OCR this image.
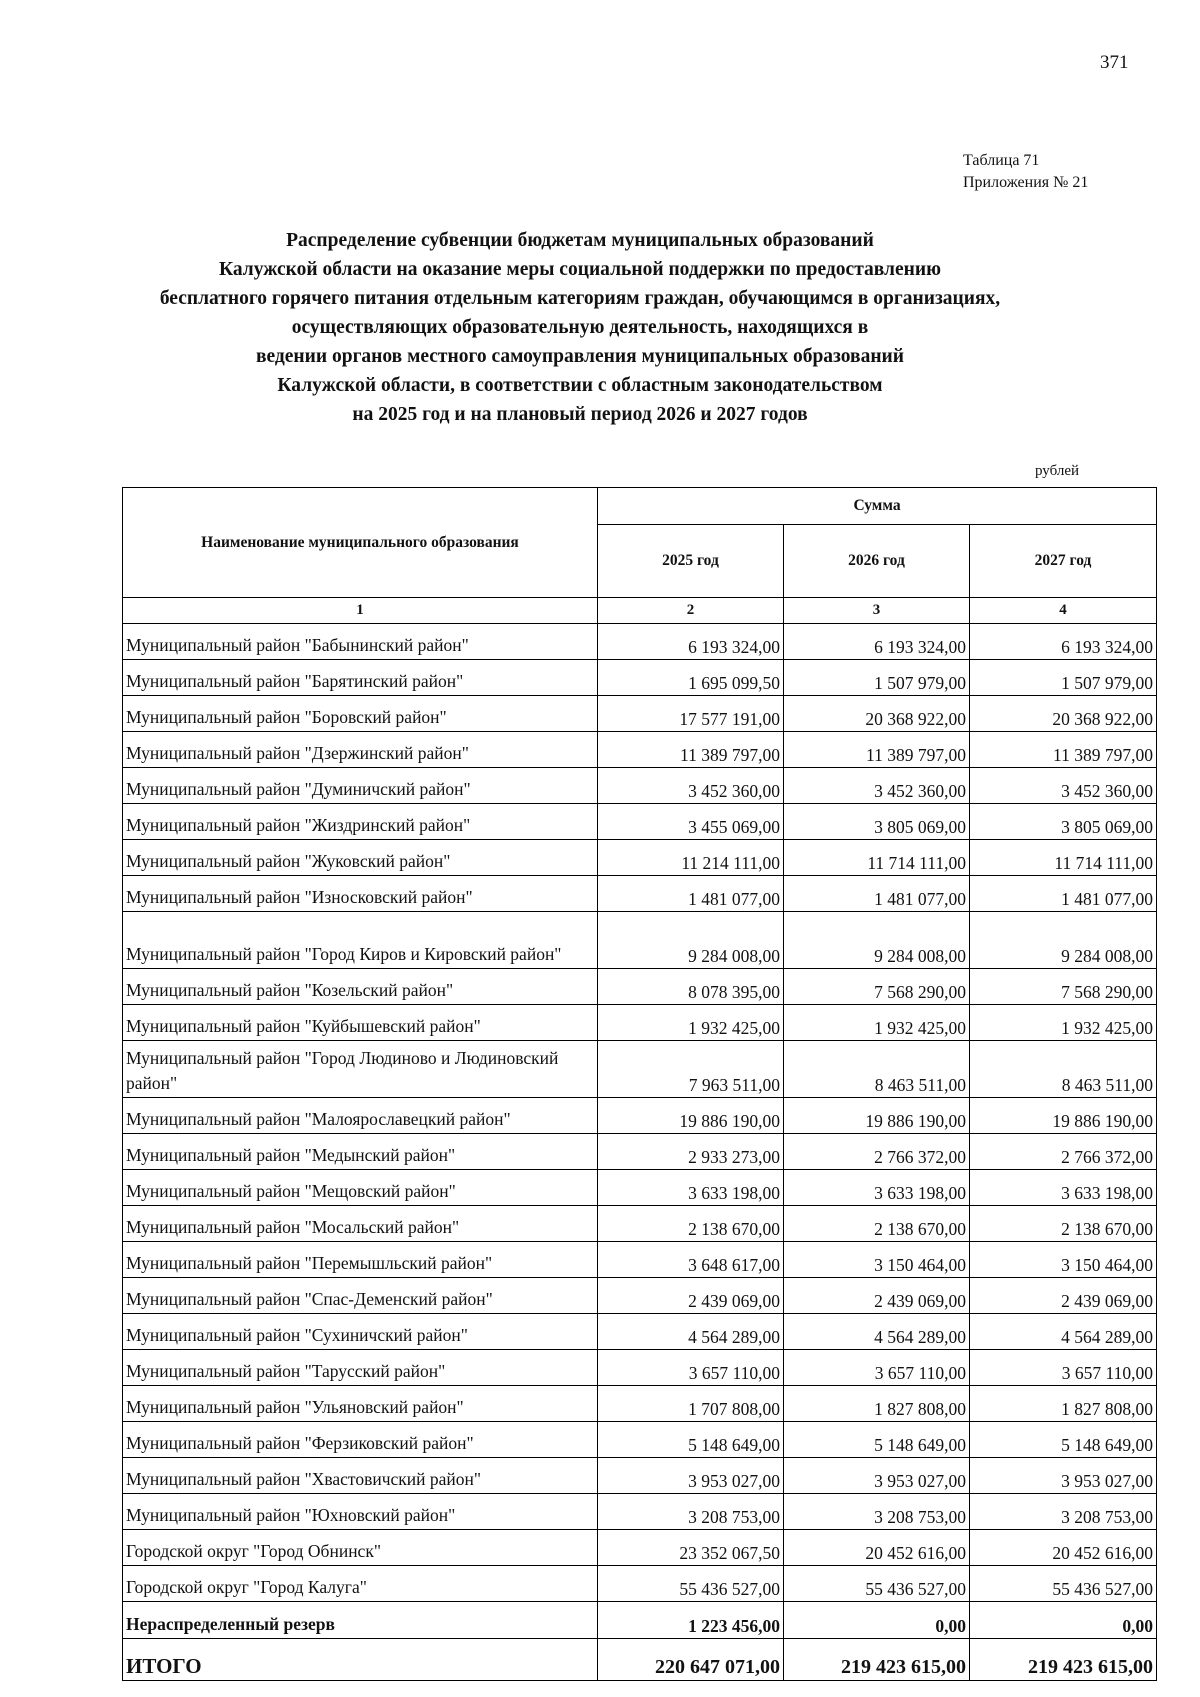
371
Таблица 71
Приложения № 21
Распределение субвенции бюджетам муниципальных образований
Калужской области на оказание меры социальной поддержки по предоставлению
бесплатного горячего питания отдельным категориям граждан, обучающимся в организациях,
осуществляющих образовательную деятельность, находящихся в
ведении органов местного самоуправления муниципальных образований
Калужской области, в соответствии с областным законодательством
на 2025 год и на плановый период 2026 и 2027 годов
рублей
Наименование муниципального образования	Сумма		
	2025 год	2026 год	2027 год
1	2	3	4
Муниципальный район "Бабынинский район"	6 193 324,00	6 193 324,00	6 193 324,00
Муниципальный район "Барятинский район"	1 695 099,50	1 507 979,00	1 507 979,00
Муниципальный район "Боровский район"	17 577 191,00	20 368 922,00	20 368 922,00
Муниципальный район "Дзержинский район"	11 389 797,00	11 389 797,00	11 389 797,00
Муниципальный район "Думиничский район"	3 452 360,00	3 452 360,00	3 452 360,00
Муниципальный район "Жиздринский район"	3 455 069,00	3 805 069,00	3 805 069,00
Муниципальный район "Жуковский район"	11 214 111,00	11 714 111,00	11 714 111,00
Муниципальный район "Износковский район"	1 481 077,00	1 481 077,00	1 481 077,00
Муниципальный район "Город Киров и Кировский район"	9 284 008,00	9 284 008,00	9 284 008,00
Муниципальный район "Козельский район"	8 078 395,00	7 568 290,00	7 568 290,00
Муниципальный район "Куйбышевский район"	1 932 425,00	1 932 425,00	1 932 425,00
Муниципальный район "Город Людиново и Людиновский район"	7 963 511,00	8 463 511,00	8 463 511,00
Муниципальный район "Малоярославецкий район"	19 886 190,00	19 886 190,00	19 886 190,00
Муниципальный район "Медынский район"	2 933 273,00	2 766 372,00	2 766 372,00
Муниципальный район "Мещовский район"	3 633 198,00	3 633 198,00	3 633 198,00
Муниципальный район "Мосальский район"	2 138 670,00	2 138 670,00	2 138 670,00
Муниципальный район "Перемышльский район"	3 648 617,00	3 150 464,00	3 150 464,00
Муниципальный район "Спас-Деменский район"	2 439 069,00	2 439 069,00	2 439 069,00
Муниципальный район "Сухиничский район"	4 564 289,00	4 564 289,00	4 564 289,00
Муниципальный район "Тарусский район"	3 657 110,00	3 657 110,00	3 657 110,00
Муниципальный район "Ульяновский район"	1 707 808,00	1 827 808,00	1 827 808,00
Муниципальный район "Ферзиковский район"	5 148 649,00	5 148 649,00	5 148 649,00
Муниципальный район "Хвастовичский район"	3 953 027,00	3 953 027,00	3 953 027,00
Муниципальный район "Юхновский район"	3 208 753,00	3 208 753,00	3 208 753,00
Городской округ "Город Обнинск"	23 352 067,50	20 452 616,00	20 452 616,00
Городской округ "Город Калуга"	55 436 527,00	55 436 527,00	55 436 527,00
Нераспределенный резерв	1 223 456,00	0,00	0,00
ИТОГО	220 647 071,00	219 423 615,00	219 423 615,00
